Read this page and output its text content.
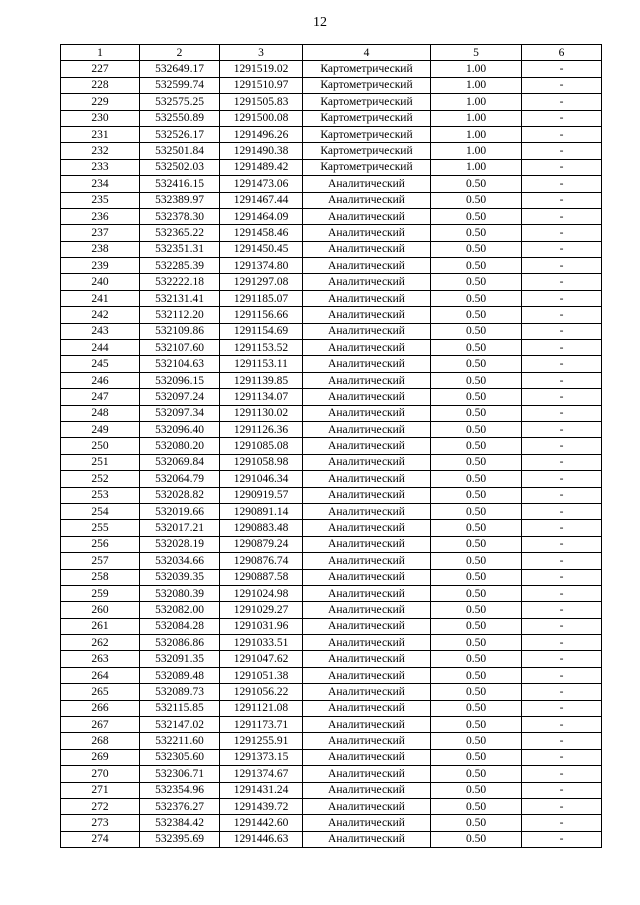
12
1	2	3	4	5	6
227	532649.17	1291519.02	Картометрический	1.00	-
228	532599.74	1291510.97	Картометрический	1.00	-
229	532575.25	1291505.83	Картометрический	1.00	-
230	532550.89	1291500.08	Картометрический	1.00	-
231	532526.17	1291496.26	Картометрический	1.00	-
232	532501.84	1291490.38	Картометрический	1.00	-
233	532502.03	1291489.42	Картометрический	1.00	-
234	532416.15	1291473.06	Аналитический	0.50	-
235	532389.97	1291467.44	Аналитический	0.50	-
236	532378.30	1291464.09	Аналитический	0.50	-
237	532365.22	1291458.46	Аналитический	0.50	-
238	532351.31	1291450.45	Аналитический	0.50	-
239	532285.39	1291374.80	Аналитический	0.50	-
240	532222.18	1291297.08	Аналитический	0.50	-
241	532131.41	1291185.07	Аналитический	0.50	-
242	532112.20	1291156.66	Аналитический	0.50	-
243	532109.86	1291154.69	Аналитический	0.50	-
244	532107.60	1291153.52	Аналитический	0.50	-
245	532104.63	1291153.11	Аналитический	0.50	-
246	532096.15	1291139.85	Аналитический	0.50	-
247	532097.24	1291134.07	Аналитический	0.50	-
248	532097.34	1291130.02	Аналитический	0.50	-
249	532096.40	1291126.36	Аналитический	0.50	-
250	532080.20	1291085.08	Аналитический	0.50	-
251	532069.84	1291058.98	Аналитический	0.50	-
252	532064.79	1291046.34	Аналитический	0.50	-
253	532028.82	1290919.57	Аналитический	0.50	-
254	532019.66	1290891.14	Аналитический	0.50	-
255	532017.21	1290883.48	Аналитический	0.50	-
256	532028.19	1290879.24	Аналитический	0.50	-
257	532034.66	1290876.74	Аналитический	0.50	-
258	532039.35	1290887.58	Аналитический	0.50	-
259	532080.39	1291024.98	Аналитический	0.50	-
260	532082.00	1291029.27	Аналитический	0.50	-
261	532084.28	1291031.96	Аналитический	0.50	-
262	532086.86	1291033.51	Аналитический	0.50	-
263	532091.35	1291047.62	Аналитический	0.50	-
264	532089.48	1291051.38	Аналитический	0.50	-
265	532089.73	1291056.22	Аналитический	0.50	-
266	532115.85	1291121.08	Аналитический	0.50	-
267	532147.02	1291173.71	Аналитический	0.50	-
268	532211.60	1291255.91	Аналитический	0.50	-
269	532305.60	1291373.15	Аналитический	0.50	-
270	532306.71	1291374.67	Аналитический	0.50	-
271	532354.96	1291431.24	Аналитический	0.50	-
272	532376.27	1291439.72	Аналитический	0.50	-
273	532384.42	1291442.60	Аналитический	0.50	-
274	532395.69	1291446.63	Аналитический	0.50	-
